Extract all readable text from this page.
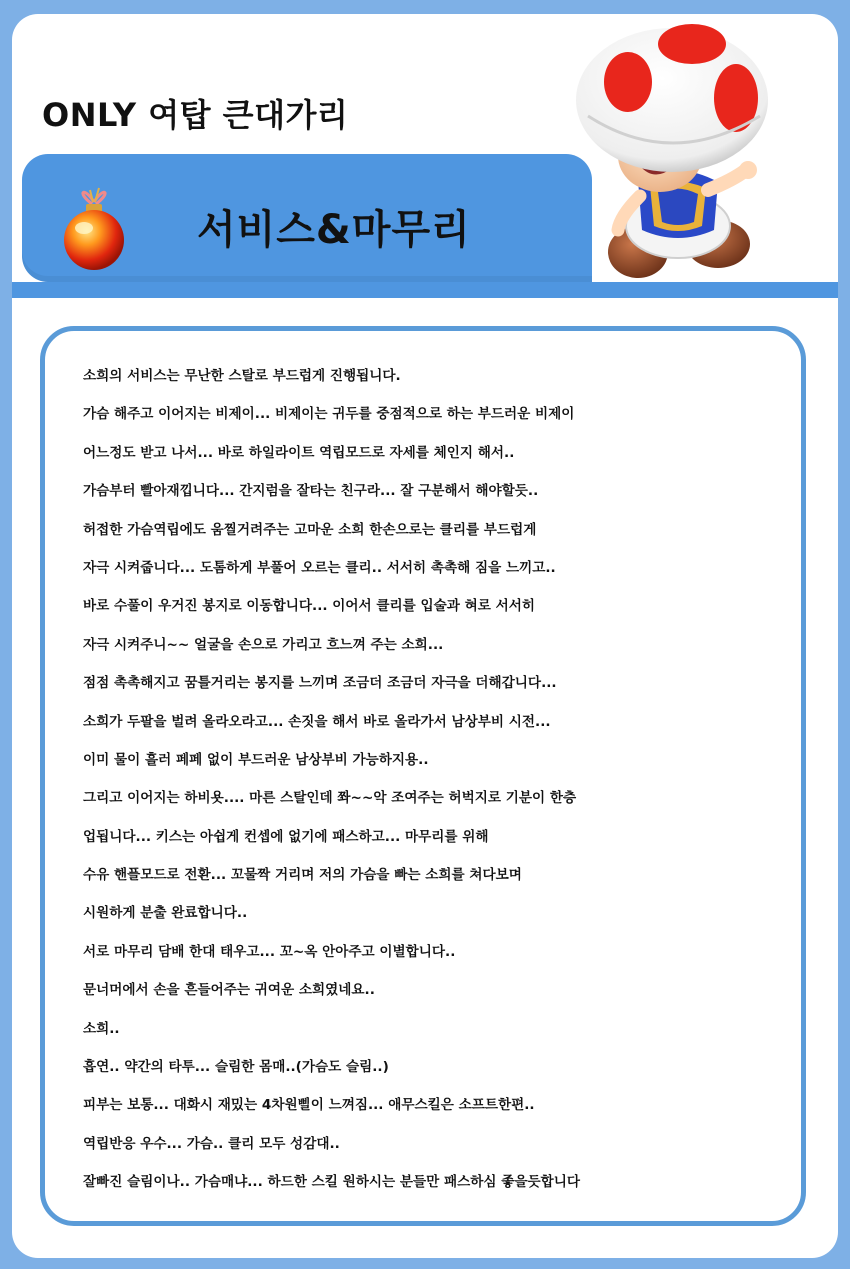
ONLY 여탑 큰대가리
서비스&마무리
소희의 서비스는 무난한 스탈로 부드럽게 진행됩니다.
가슴 해주고 이어지는 비제이... 비제이는 귀두를 중점적으로 하는 부드러운 비제이
어느정도 받고 나서... 바로 하일라이트 역립모드로 자세를 체인지 해서..
가슴부터 빨아재낍니다... 간지럼을 잘타는 친구라... 잘 구분해서 해야할듯..
허접한 가슴역립에도 움찔거려주는 고마운 소희 한손으로는 클리를 부드럽게
자극 시켜줍니다... 도톰하게 부풀어 오르는 클리.. 서서히 촉촉해 짐을 느끼고..
바로 수풀이 우거진 봉지로 이동합니다... 이어서 클리를 입술과 혀로 서서히
자극 시켜주니~~ 얼굴을 손으로 가리고 흐느껴 주는 소희...
점점 촉촉해지고 꿈틀거리는 봉지를 느끼며 조금더 조금더 자극을 더해갑니다...
소희가 두팔을 벌려 올라오라고... 손짓을 해서 바로 올라가서 남상부비 시전...
이미 물이 흘러 페페 없이 부드러운 남상부비 가능하지용..
그리고 이어지는 하비욧.... 마른 스탈인데 쫘~~악 조여주는 허벅지로 기분이 한층
업됩니다... 키스는 아쉽게 컨셉에 없기에 패스하고... 마무리를 위해
수유 핸플모드로 전환... 꼬물짝 거리며 저의 가슴을 빠는 소희를 쳐다보며
시원하게 분출 완료합니다..
서로 마무리 담배 한대 태우고... 꼬~옥 안아주고 이별합니다..
문너머에서 손을 흔들어주는 귀여운 소희였네요..
소희..
흡연.. 약간의 타투... 슬림한 몸매..(가슴도 슬림..)
피부는 보통... 대화시 재밌는 4차원삘이 느껴짐... 애무스킬은 소프트한편..
역립반응 우수... 가슴.. 클리 모두 성감대..
잘빠진 슬림이나.. 가슴매냐... 하드한 스킬 원하시는 분들만 패스하심 좋을듯합니다
